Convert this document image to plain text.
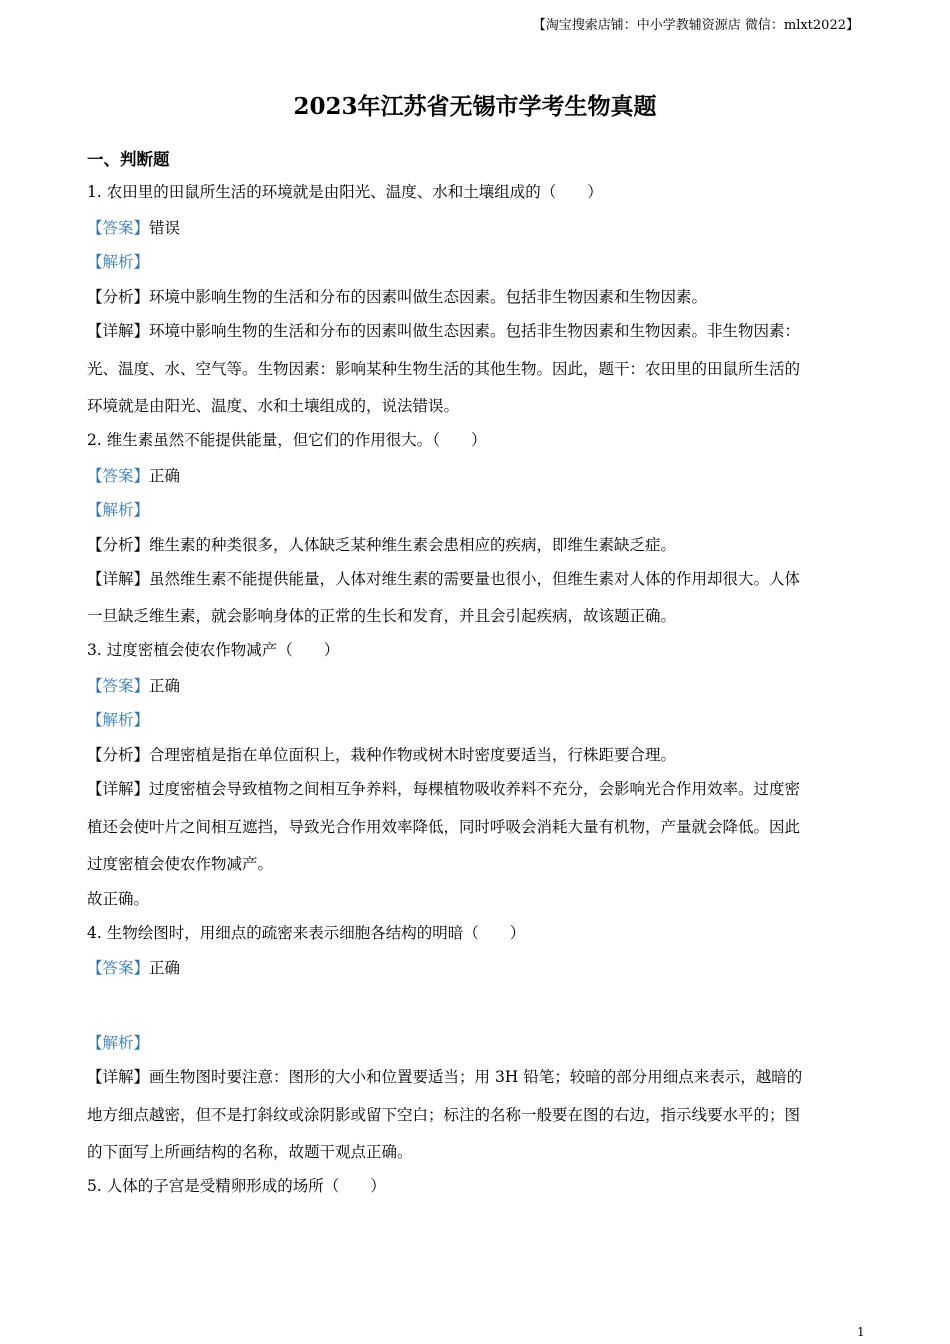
【淘宝搜索店铺：中小学教辅资源店 微信：mlxt2022】
2023年江苏省无锡市学考生物真题
一、判断题
1. 农田里的田鼠所生活的环境就是由阳光、温度、水和土壤组成的（　　）
【答案】错误
【解析】
【分析】环境中影响生物的生活和分布的因素叫做生态因素。包括非生物因素和生物因素。
【详解】环境中影响生物的生活和分布的因素叫做生态因素。包括非生物因素和生物因素。非生物因素：
光、温度、水、空气等。生物因素：影响某种生物生活的其他生物。因此，题干：农田里的田鼠所生活的
环境就是由阳光、温度、水和土壤组成的，说法错误。
2. 维生素虽然不能提供能量，但它们的作用很大。（　　）
【答案】正确
【解析】
【分析】维生素的种类很多，人体缺乏某种维生素会患相应的疾病，即维生素缺乏症。
【详解】虽然维生素不能提供能量，人体对维生素的需要量也很小，但维生素对人体的作用却很大。人体
一旦缺乏维生素，就会影响身体的正常的生长和发育，并且会引起疾病，故该题正确。
3. 过度密植会使农作物减产（　　）
【答案】正确
【解析】
【分析】合理密植是指在单位面积上，栽种作物或树木时密度要适当，行株距要合理。
【详解】过度密植会导致植物之间相互争养料，每棵植物吸收养料不充分，会影响光合作用效率。过度密
植还会使叶片之间相互遮挡，导致光合作用效率降低，同时呼吸会消耗大量有机物，产量就会降低。因此
过度密植会使农作物减产。
故正确。
4. 生物绘图时，用细点的疏密来表示细胞各结构的明暗（　　）
【答案】正确
【解析】
【详解】画生物图时要注意：图形的大小和位置要适当；用 3H 铅笔；较暗的部分用细点来表示，越暗的
地方细点越密，但不是打斜纹或涂阴影或留下空白；标注的名称一般要在图的右边，指示线要水平的；图
的下面写上所画结构的名称，故题干观点正确。
5. 人体的子宫是受精卵形成的场所（　　）
1
